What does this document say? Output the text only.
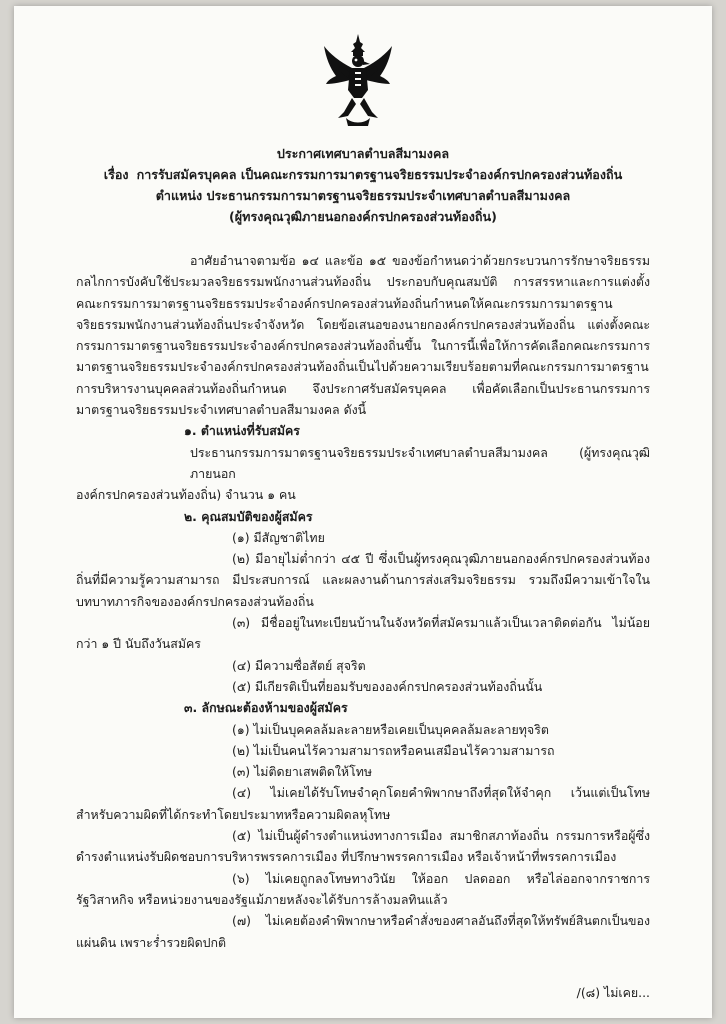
ประกาศเทศบาลตำบลสีมามงคล
เรื่อง การรับสมัครบุคคล เป็นคณะกรรมการมาตรฐานจริยธรรมประจำองค์กรปกครองส่วนท้องถิ่น
ตำแหน่ง ประธานกรรมการมาตรฐานจริยธรรมประจำเทศบาลตำบลสีมามงคล
(ผู้ทรงคุณวุฒิภายนอกองค์กรปกครองส่วนท้องถิ่น)

อาศัยอำนาจตามข้อ ๑๔ และข้อ ๑๕ ของข้อกำหนดว่าด้วยกระบวนการรักษาจริยธรรม กลไกการบังคับใช้ประมวลจริยธรรมพนักงานส่วนท้องถิ่น ประกอบกับคุณสมบัติ การสรรหาและการแต่งตั้งคณะกรรมการมาตรฐานจริยธรรมประจำองค์กรปกครองส่วนท้องถิ่นกำหนดให้คณะกรรมการมาตรฐานจริยธรรมพนักงานส่วนท้องถิ่นประจำจังหวัด โดยข้อเสนอของนายกองค์กรปกครองส่วนท้องถิ่น แต่งตั้งคณะกรรมการมาตรฐานจริยธรรมประจำองค์กรปกครองส่วนท้องถิ่นขึ้น ในการนี้เพื่อให้การคัดเลือกคณะกรรมการมาตรฐานจริยธรรมประจำองค์กรปกครองส่วนท้องถิ่นเป็นไปด้วยความเรียบร้อยตามที่คณะกรรมการมาตรฐานการบริหารงานบุคคลส่วนท้องถิ่นกำหนด จึงประกาศรับสมัครบุคคล เพื่อคัดเลือกเป็นประธานกรรมการมาตรฐานจริยธรรมประจำเทศบาลตำบลสีมามงคล ดังนี้

๑. ตำแหน่งที่รับสมัคร

ประธานกรรมการมาตรฐานจริยธรรมประจำเทศบาลตำบลสีมามงคล (ผู้ทรงคุณวุฒิภายนอก

องค์กรปกครองส่วนท้องถิ่น) จำนวน ๑ คน

๒. คุณสมบัติของผู้สมัคร

(๑) มีสัญชาติไทย

(๒) มีอายุไม่ต่ำกว่า ๔๕ ปี ซึ่งเป็นผู้ทรงคุณวุฒิภายนอกองค์กรปกครองส่วนท้องถิ่นที่มีความรู้ความสามารถ มีประสบการณ์ และผลงานด้านการส่งเสริมจริยธรรม รวมถึงมีความเข้าใจในบทบาทภารกิจขององค์กรปกครองส่วนท้องถิ่น

(๓) มีชื่ออยู่ในทะเบียนบ้านในจังหวัดที่สมัครมาแล้วเป็นเวลาติดต่อกัน ไม่น้อยกว่า ๑ ปี นับถึงวันสมัคร

(๔) มีความซื่อสัตย์ สุจริต

(๕) มีเกียรติเป็นที่ยอมรับขององค์กรปกครองส่วนท้องถิ่นนั้น

๓. ลักษณะต้องห้ามของผู้สมัคร

(๑) ไม่เป็นบุคคลล้มละลายหรือเคยเป็นบุคคลล้มละลายทุจริต

(๒) ไม่เป็นคนไร้ความสามารถหรือคนเสมือนไร้ความสามารถ

(๓) ไม่ติดยาเสพติดให้โทษ

(๔) ไม่เคยได้รับโทษจำคุกโดยคำพิพากษาถึงที่สุดให้จำคุก เว้นแต่เป็นโทษสำหรับความผิดที่ได้กระทำโดยประมาทหรือความผิดลหุโทษ

(๕) ไม่เป็นผู้ดำรงตำแหน่งทางการเมือง สมาชิกสภาท้องถิ่น กรรมการหรือผู้ซึ่งดำรงตำแหน่งรับผิดชอบการบริหารพรรคการเมือง ที่ปรึกษาพรรคการเมือง หรือเจ้าหน้าที่พรรคการเมือง

(๖) ไม่เคยถูกลงโทษทางวินัย ให้ออก ปลดออก หรือไล่ออกจากราชการ รัฐวิสาหกิจ หรือหน่วยงานของรัฐแม้ภายหลังจะได้รับการล้างมลทินแล้ว

(๗) ไม่เคยต้องคำพิพากษาหรือคำสั่งของศาลอันถึงที่สุดให้ทรัพย์สินตกเป็นของแผ่นดิน เพราะร่ำรวยผิดปกติ

/(๘) ไม่เคย...
